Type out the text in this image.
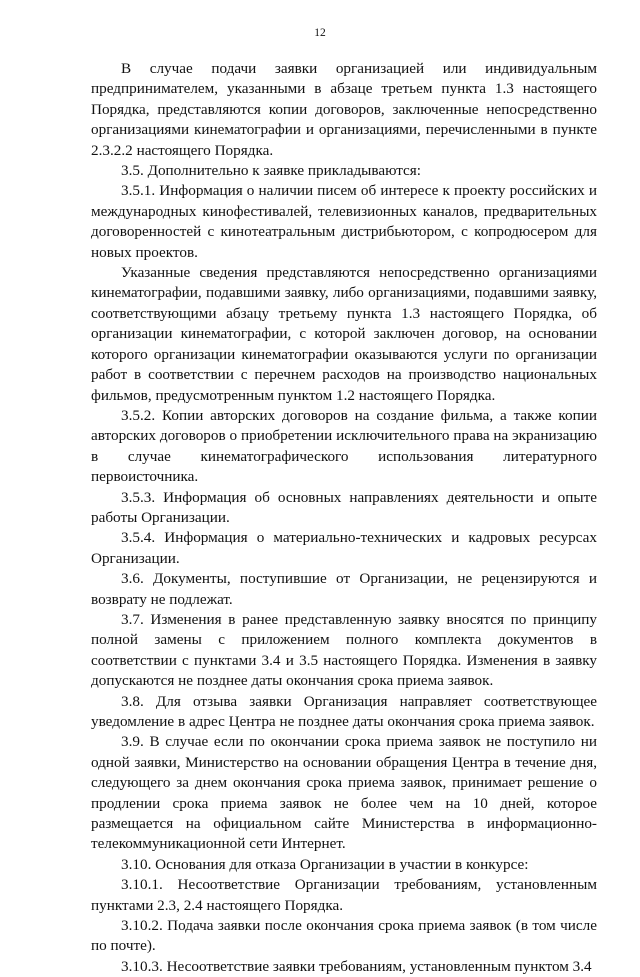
12

В случае подачи заявки организацией или индивидуальным предпринимателем, указанными в абзаце третьем пункта 1.3 настоящего Порядка, представляются копии договоров, заключенные непосредственно организациями кинематографии и организациями, перечисленными в пункте 2.3.2.2 настоящего Порядка.

3.5. Дополнительно к заявке прикладываются:

3.5.1. Информация о наличии писем об интересе к проекту российских и международных кинофестивалей, телевизионных каналов, предварительных договоренностей с кинотеатральным дистрибьютором, с копродюсером для новых проектов.

Указанные сведения представляются непосредственно организациями кинематографии, подавшими заявку, либо организациями, подавшими заявку, соответствующими абзацу третьему пункта 1.3 настоящего Порядка, об организации кинематографии, с которой заключен договор, на основании которого организации кинематографии оказываются услуги по организации работ в соответствии с перечнем расходов на производство национальных фильмов, предусмотренным пунктом 1.2 настоящего Порядка.

3.5.2. Копии авторских договоров на создание фильма, а также копии авторских договоров о приобретении исключительного права на экранизацию в случае кинематографического использования литературного первоисточника.

3.5.3. Информация об основных направлениях деятельности и опыте работы Организации.

3.5.4. Информация о материально-технических и кадровых ресурсах Организации.

3.6. Документы, поступившие от Организации, не рецензируются и возврату не подлежат.

3.7. Изменения в ранее представленную заявку вносятся по принципу полной замены с приложением полного комплекта документов в соответствии с пунктами 3.4 и 3.5 настоящего Порядка. Изменения в заявку допускаются не позднее даты окончания срока приема заявок.

3.8. Для отзыва заявки Организация направляет соответствующее уведомление в адрес Центра не позднее даты окончания срока приема заявок.

3.9. В случае если по окончании срока приема заявок не поступило ни одной заявки, Министерство на основании обращения Центра в течение дня, следующего за днем окончания срока приема заявок, принимает решение о продлении срока приема заявок не более чем на 10 дней, которое размещается на официальном сайте Министерства в информационно-телекоммуникационной сети Интернет.

3.10. Основания для отказа Организации в участии в конкурсе:

3.10.1. Несоответствие Организации требованиям, установленным пунктами 2.3, 2.4 настоящего Порядка.

3.10.2. Подача заявки после окончания срока приема заявок (в том числе по почте).

3.10.3. Несоответствие заявки требованиям, установленным пунктом 3.4
